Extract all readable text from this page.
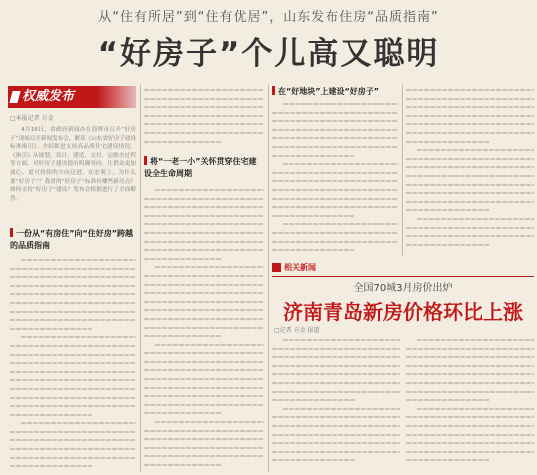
从“住有所居”到“住有优居”，山东发布住房“品质指南”
“好房子”个儿高又聪明
权威发布
□本报记者 方金

4月16日，省政府新闻办在淄博市召开“好房子”现场召开新闻发布会，解读《山东省好房子建设标准指引》。介绍推进支持高品质住宅建设情况。《指引》从规划、设计、建造、交付、运维全过程等方面，对好房子建设提出明确导向，让群众更加放心、更可持续的方向迈进。在宏观上，为什么要“好房子”？我省的“好房子”标准有哪些新亮点？如何支持“好房子”建设？发布会根据进行了全面解答。

一份从“有房住”向“住好房”跨越的品质指南
将“一老一小”关怀贯穿住宅建设全生命周期
在“好地块”上建设“好房子”
相关新闻
全国70城3月房价出炉
济南青岛新房价格环比上涨
□记者 方金 报道
